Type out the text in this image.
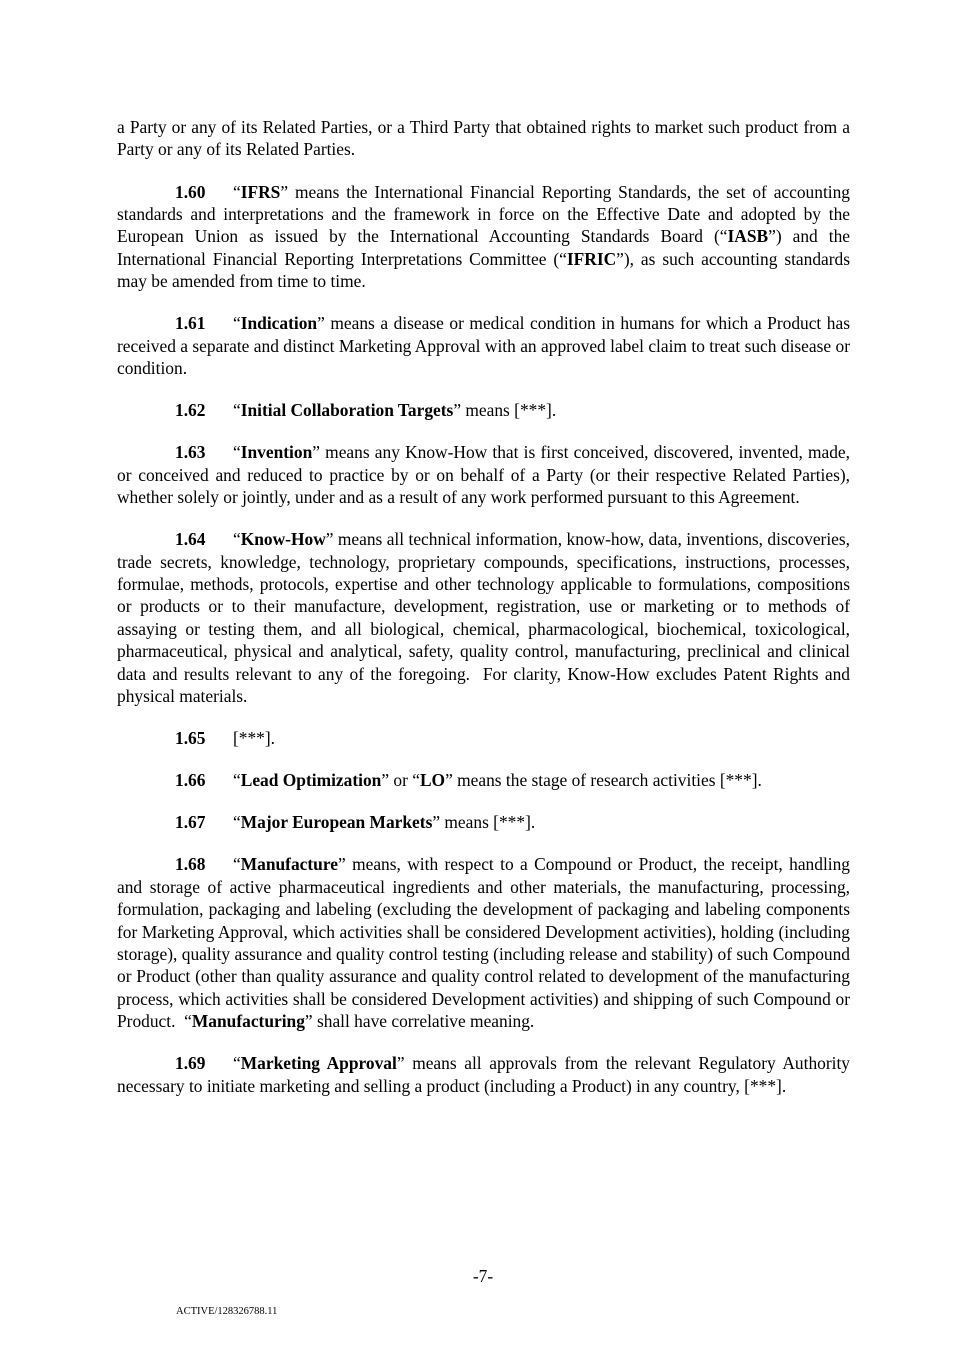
a Party or any of its Related Parties, or a Third Party that obtained rights to market such product from a Party or any of its Related Parties.

1.60 “IFRS” means the International Financial Reporting Standards, the set of accounting standards and interpretations and the framework in force on the Effective Date and adopted by the European Union as issued by the International Accounting Standards Board (“IASB”) and the International Financial Reporting Interpretations Committee (“IFRIC”), as such accounting standards may be amended from time to time.

1.61 “Indication” means a disease or medical condition in humans for which a Product has received a separate and distinct Marketing Approval with an approved label claim to treat such disease or condition.

1.62 “Initial Collaboration Targets” means [***].

1.63 “Invention” means any Know-How that is first conceived, discovered, invented, made, or conceived and reduced to practice by or on behalf of a Party (or their respective Related Parties), whether solely or jointly, under and as a result of any work performed pursuant to this Agreement.

1.64 “Know-How” means all technical information, know-how, data, inventions, discoveries, trade secrets, knowledge, technology, proprietary compounds, specifications, instructions, processes, formulae, methods, protocols, expertise and other technology applicable to formulations, compositions or products or to their manufacture, development, registration, use or marketing or to methods of assaying or testing them, and all biological, chemical, pharmacological, biochemical, toxicological, pharmaceutical, physical and analytical, safety, quality control, manufacturing, preclinical and clinical data and results relevant to any of the foregoing.  For clarity, Know-How excludes Patent Rights and physical materials.

1.65 [***].

1.66 “Lead Optimization” or “LO” means the stage of research activities [***].

1.67 “Major European Markets” means [***].

1.68 “Manufacture” means, with respect to a Compound or Product, the receipt, handling and storage of active pharmaceutical ingredients and other materials, the manufacturing, processing, formulation, packaging and labeling (excluding the development of packaging and labeling components for Marketing Approval, which activities shall be considered Development activities), holding (including storage), quality assurance and quality control testing (including release and stability) of such Compound or Product (other than quality assurance and quality control related to development of the manufacturing process, which activities shall be considered Development activities) and shipping of such Compound or Product.  “Manufacturing” shall have correlative meaning.

1.69 “Marketing Approval” means all approvals from the relevant Regulatory Authority necessary to initiate marketing and selling a product (including a Product) in any country, [***].

-7-
ACTIVE/128326788.11
